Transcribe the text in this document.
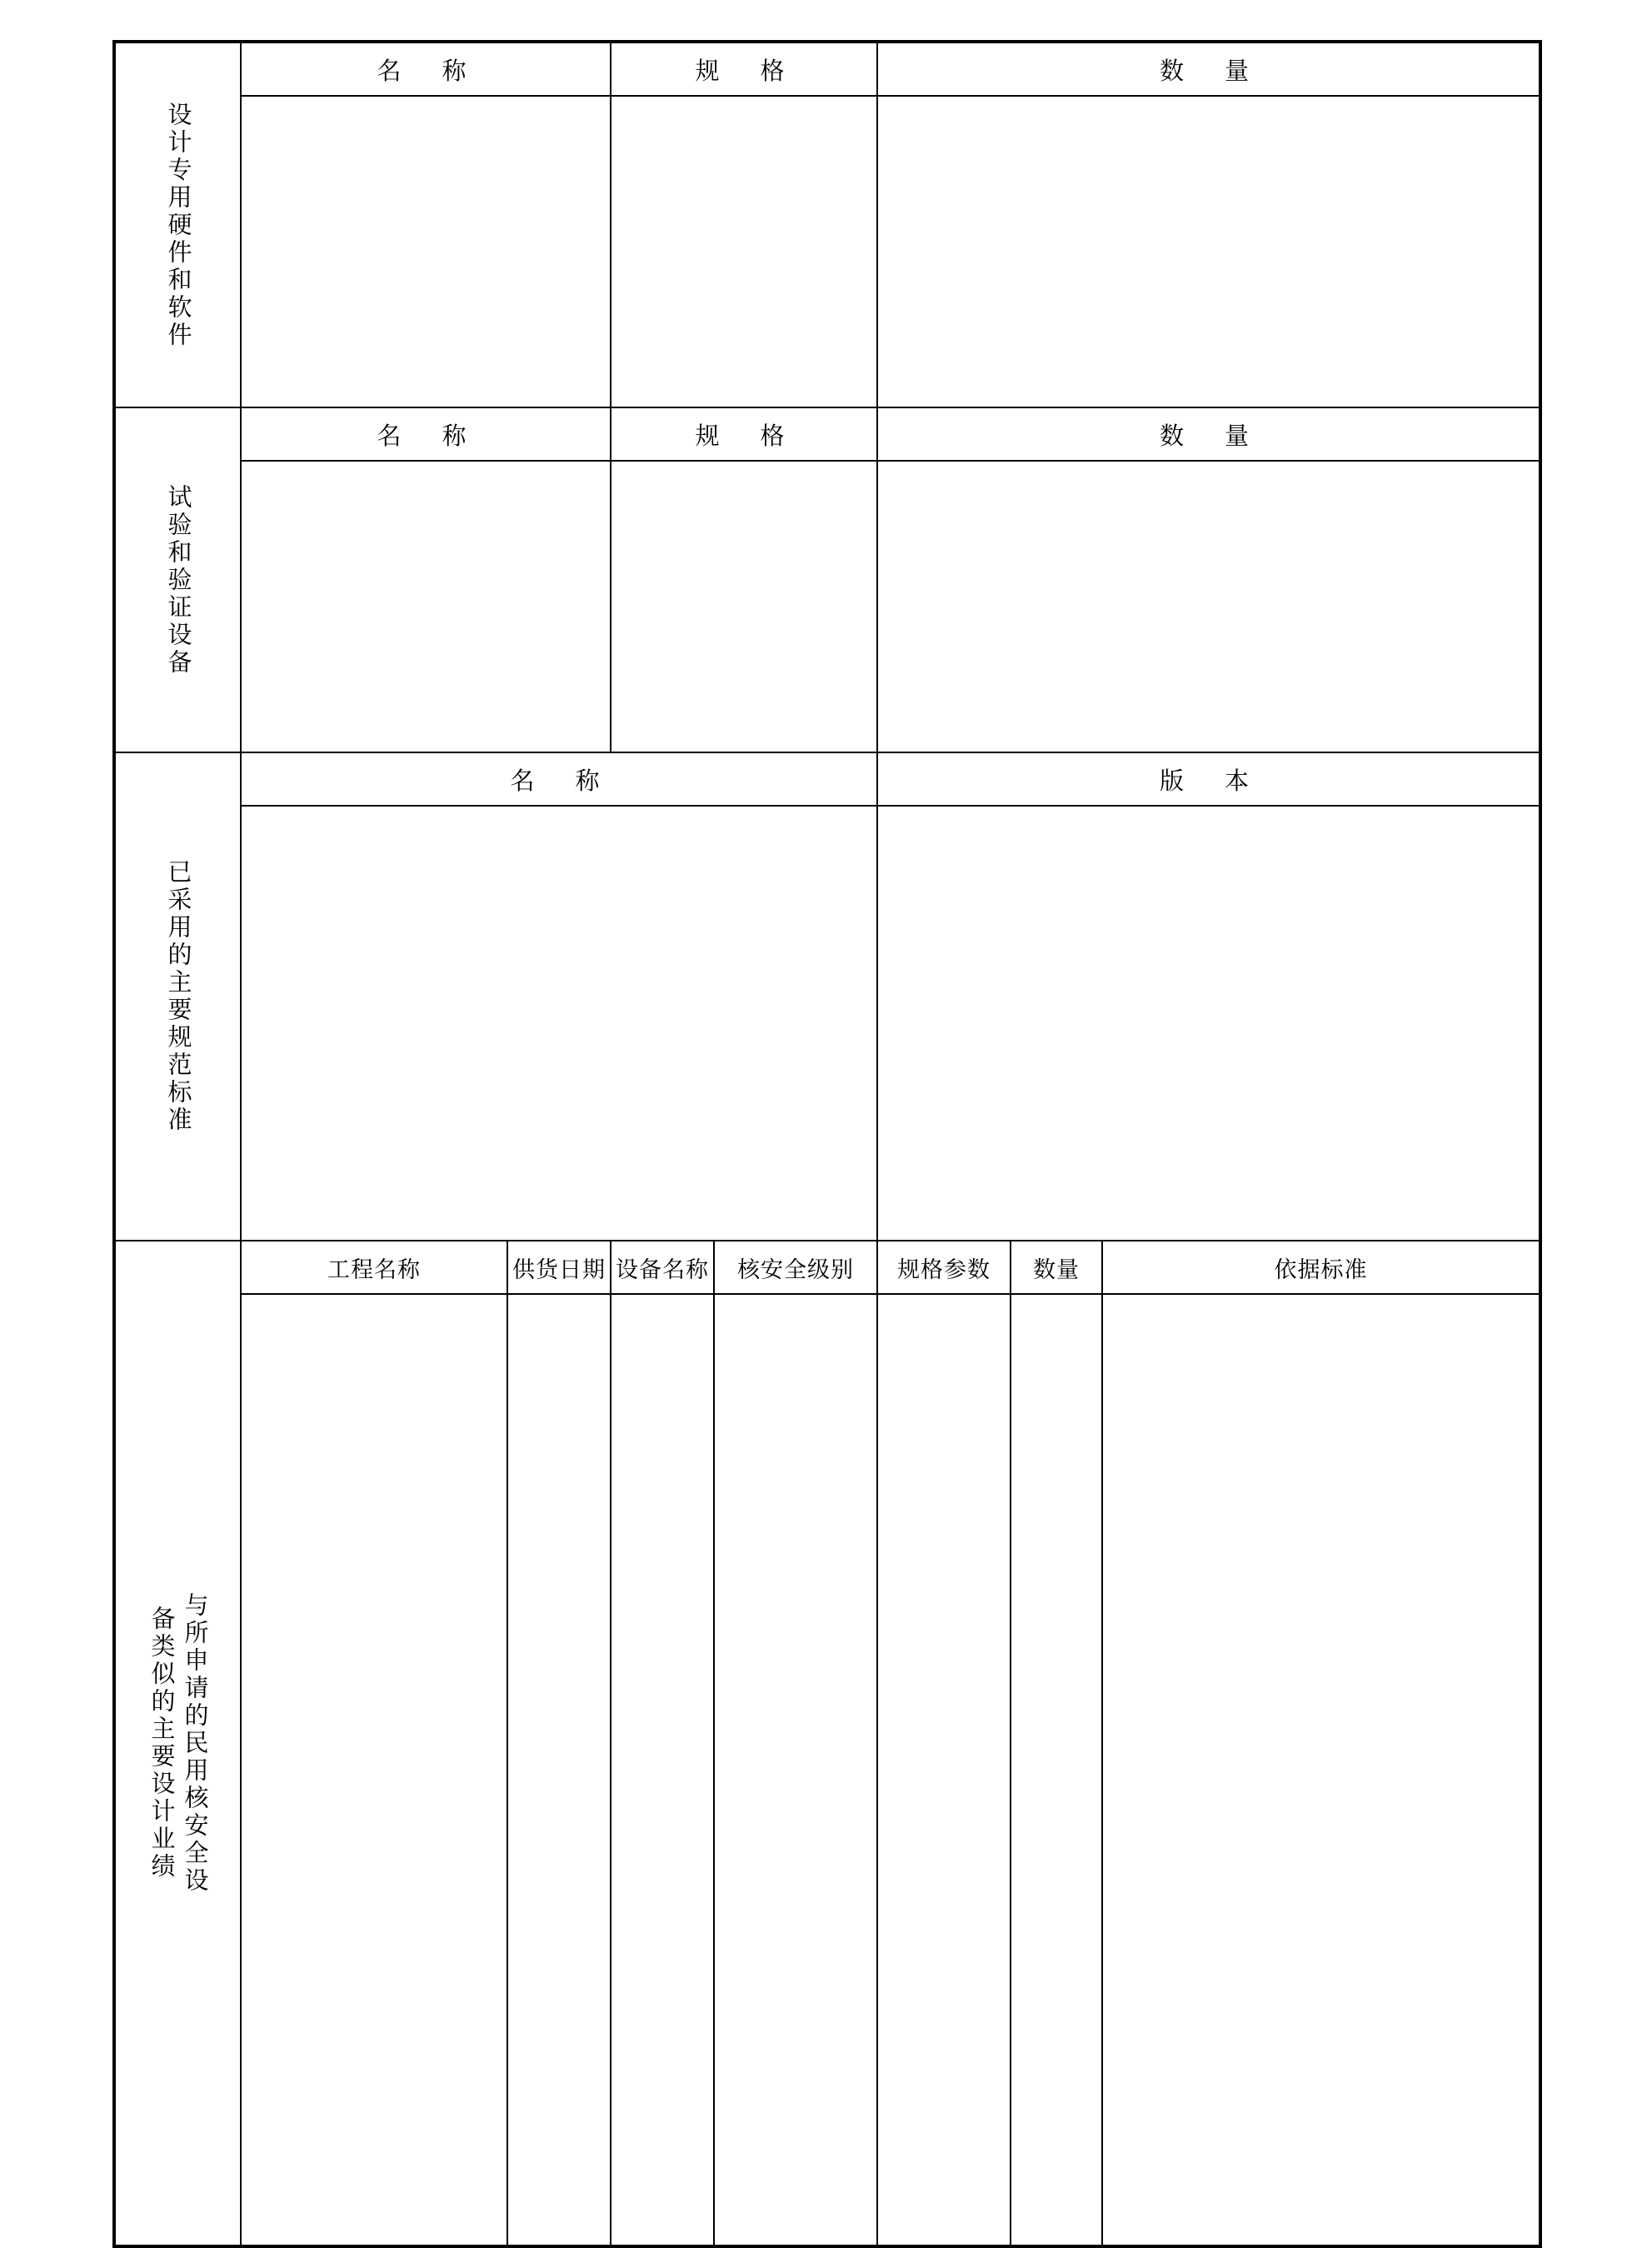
设计专用硬件和软件	名　称		规　格		数　量		

试验和验证设备	名　称		规　格		数　量		

已采用的主要规范标准	名　称				版　本		

与所申请的民用核安全设备类似的主要设计业绩	工程名称	供货日期	设备名称	核安全级别	规格参数	数量	依据标准
